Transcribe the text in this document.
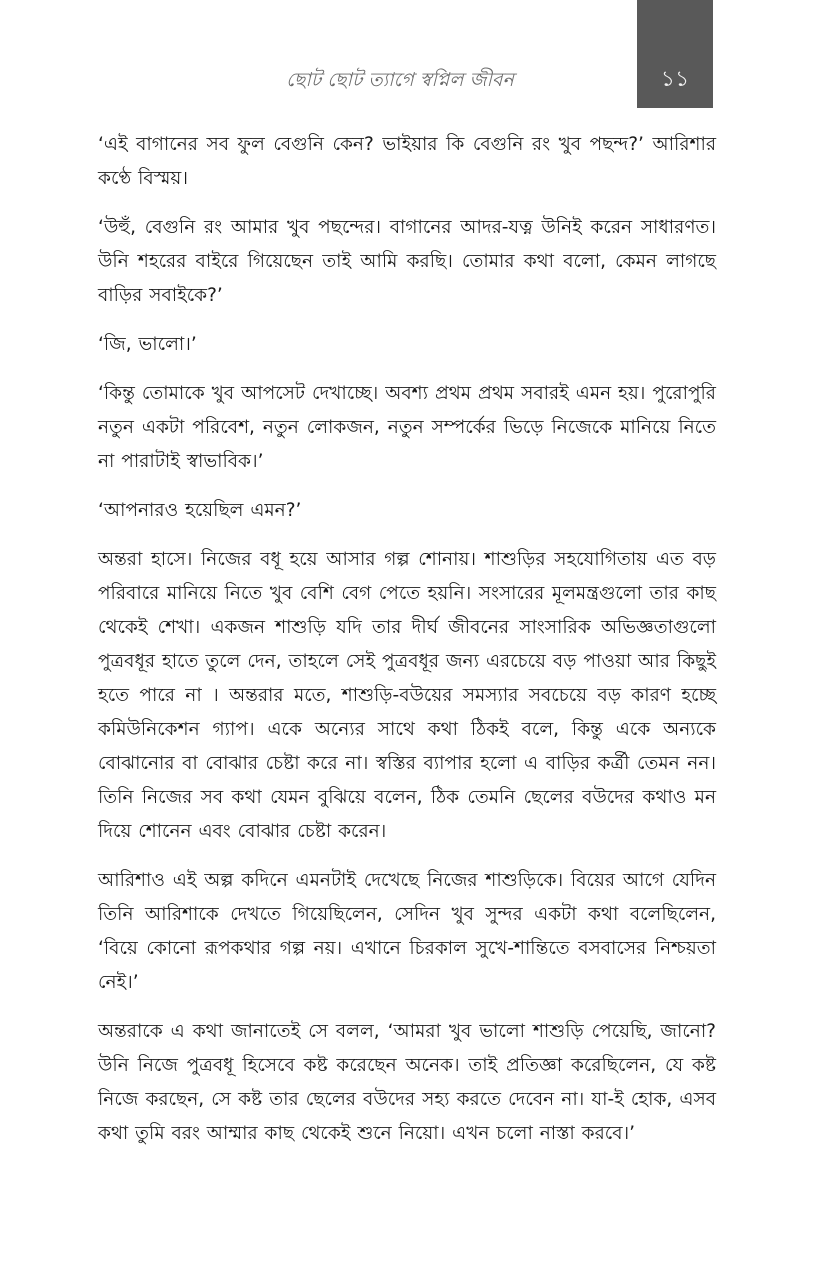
ছোট ছোট ত্যাগে স্বপ্নিল জীবন	১১

‘এই বাগানের সব ফুল বেগুনি কেন? ভাইয়ার কি বেগুনি রং খুব পছন্দ?’ আরিশার কণ্ঠে বিস্ময়।

‘উহুঁ, বেগুনি রং আমার খুব পছন্দের। বাগানের আদর-যত্ন উনিই করেন সাধারণত। উনি শহরের বাইরে গিয়েছেন তাই আমি করছি। তোমার কথা বলো, কেমন লাগছে বাড়ির সবাইকে?’

‘জি, ভালো।’

‘কিন্তু তোমাকে খুব আপসেট দেখাচ্ছে। অবশ্য প্রথম প্রথম সবারই এমন হয়। পুরোপুরি নতুন একটা পরিবেশ, নতুন লোকজন, নতুন সম্পর্কের ভিড়ে নিজেকে মানিয়ে নিতে না পারাটাই স্বাভাবিক।’

‘আপনারও হয়েছিল এমন?’

অন্তরা হাসে। নিজের বধূ হয়ে আসার গল্প শোনায়। শাশুড়ির সহযোগিতায় এত বড় পরিবারে মানিয়ে নিতে খুব বেশি বেগ পেতে হয়নি। সংসারের মূলমন্ত্রগুলো তার কাছ থেকেই শেখা। একজন শাশুড়ি যদি তার দীর্ঘ জীবনের সাংসারিক অভিজ্ঞতাগুলো পুত্রবধূর হাতে তুলে দেন, তাহলে সেই পুত্রবধূর জন্য এরচেয়ে বড় পাওয়া আর কিছুই হতে পারে না । অন্তরার মতে, শাশুড়ি-বউয়ের সমস্যার সবচেয়ে বড় কারণ হচ্ছে কমিউনিকেশন গ্যাপ। একে অন্যের সাথে কথা ঠিকই বলে, কিন্তু একে অন্যকে বোঝানোর বা বোঝার চেষ্টা করে না। স্বস্তির ব্যাপার হলো এ বাড়ির কর্ত্রী তেমন নন। তিনি নিজের সব কথা যেমন বুঝিয়ে বলেন, ঠিক তেমনি ছেলের বউদের কথাও মন দিয়ে শোনেন এবং বোঝার চেষ্টা করেন।

আরিশাও এই অল্প কদিনে এমনটাই দেখেছে নিজের শাশুড়িকে। বিয়ের আগে যেদিন তিনি আরিশাকে দেখতে গিয়েছিলেন, সেদিন খুব সুন্দর একটা কথা বলেছিলেন, ‘বিয়ে কোনো রূপকথার গল্প নয়। এখানে চিরকাল সুখে-শান্তিতে বসবাসের নিশ্চয়তা নেই।’

অন্তরাকে এ কথা জানাতেই সে বলল, ‘আমরা খুব ভালো শাশুড়ি পেয়েছি, জানো? উনি নিজে পুত্রবধূ হিসেবে কষ্ট করেছেন অনেক। তাই প্রতিজ্ঞা করেছিলেন, যে কষ্ট নিজে করছেন, সে কষ্ট তার ছেলের বউদের সহ্য করতে দেবেন না। যা-ই হোক, এসব কথা তুমি বরং আম্মার কাছ থেকেই শুনে নিয়ো। এখন চলো নাস্তা করবে।’
